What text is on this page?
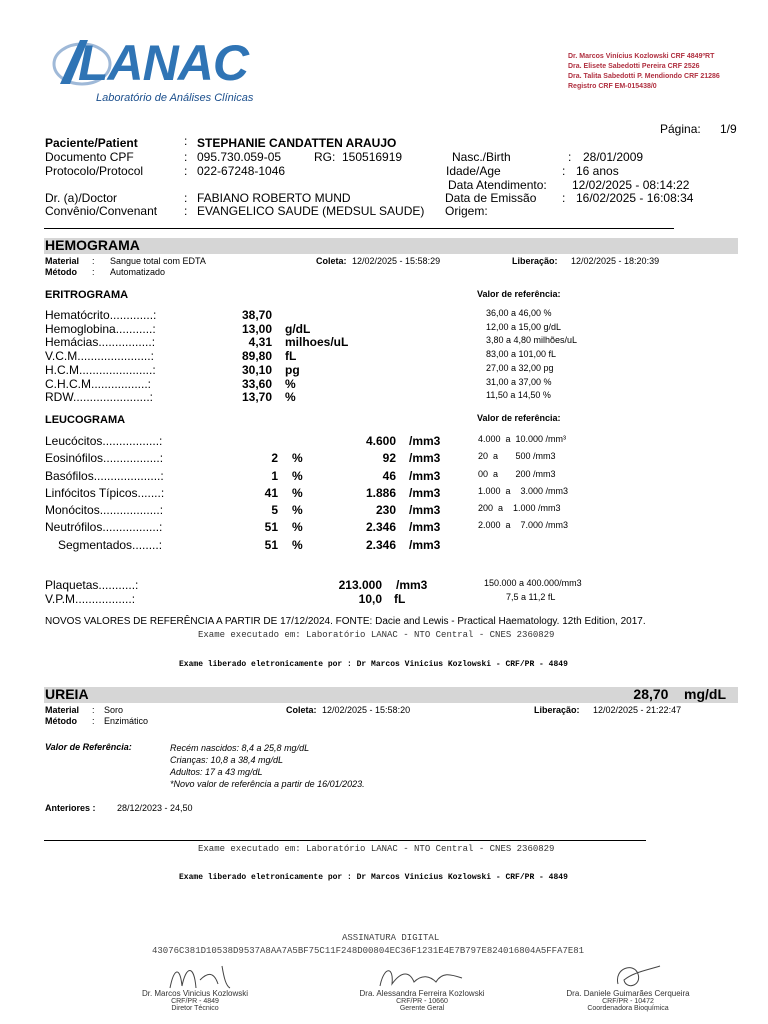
LANAC
Laboratório de Análises Clínicas
Dr. Marcos Vinícius Kozlowski CRF 4849ºRT
Dra. Elisete Sabedotti Pereira CRF 2526
Dra. Talita Sabedotti P. Mendiondo CRF 21286
Registro CRF EM-015438/0
Página: 1/9
Paciente/Patient	: STEPHANIE CANDATTEN ARAUJO
Documento CPF	: 095.730.059-05	RG: 150516919	Nasc./Birth	: 28/01/2009
Protocolo/Protocol	: 022-67248-1046	Idade/Age	: 16 anos
Data Atendimento: 12/02/2025 - 08:14:22
Dr. (a)/Doctor	: FABIANO ROBERTO MUND	Data de Emissão : 16/02/2025 - 16:08:34
Convênio/Convenant : EVANGELICO SAUDE (MEDSUL SAUDE) Origem:
HEMOGRAMA
Material : Sangue total com EDTA
Método : Automatizado
Coleta: 12/02/2025 - 15:58:29	Liberação: 12/02/2025 - 18:20:39
ERITROGRAMA	Valor de referência:
Hematócrito.............:	38,70	36,00 a 46,00 %
Hemoglobina...........:	13,00 g/dL	12,00 a 15,00 g/dL
Hemácias................:	4,31 milhoes/uL	3,80 a 4,80 milhões/uL
V.C.M......................:	89,80 fL	83,00 a 101,00 fL
H.C.M......................:	30,10 pg	27,00 a 32,00 pg
C.H.C.M.................:	33,60 %	31,00 a 37,00 %
RDW.......................:	13,70 %	11,50 a 14,50 %
LEUCOGRAMA	Valor de referência:
Leucócitos.................:	4.600 /mm3	4.000  a  10.000 /mm³
Eosinófilos.................:	2 %	92 /mm3	20  a       500 /mm3
Basófilos....................:	1 %	46 /mm3	00  a       200 /mm3
Linfócitos Típicos.......:	41 %	1.886 /mm3	1.000  a    3.000 /mm3
Monócitos..................:	5 %	230 /mm3	200  a    1.000 /mm3
Neutrófilos.................:	51 %	2.346 /mm3	2.000  a    7.000 /mm3
Segmentados........:	51 %	2.346 /mm3
Plaquetas...........:	213.000 /mm3	150.000 a 400.000/mm3
V.P.M.................:	10,0 fL	7,5 a 11,2 fL
NOVOS VALORES DE REFERÊNCIA A PARTIR DE 17/12/2024. FONTE: Dacie and Lewis - Practical Haematology. 12th Edition, 2017.
Exame executado em: Laboratório LANAC - NTO Central - CNES 2360829
Exame liberado eletronicamente por : Dr Marcos Vinicius Kozlowski - CRF/PR - 4849
UREIA	28,70    mg/dL
Material : Soro
Método : Enzimático
Coleta: 12/02/2025 - 15:58:20	Liberação: 12/02/2025 - 21:22:47
Valor de Referência:	Recém nascidos: 8,4 a 25,8 mg/dL
Crianças: 10,8 a 38,4 mg/dL
Adultos: 17 a 43 mg/dL
*Novo valor de referência a partir de 16/01/2023.
Anteriores : 28/12/2023 - 24,50
Exame executado em: Laboratório LANAC - NTO Central - CNES 2360829
Exame liberado eletronicamente por : Dr Marcos Vinicius Kozlowski - CRF/PR - 4849
ASSINATURA DIGITAL
43076C381D10538D9537A8AA7A5BF75C11F248D00804EC36F1231E4E7B797E824016804A5FFA7E81
Dr. Marcos Vinicius Kozlowski
CRF/PR - 4849
Diretor Técnico
Dra. Alessandra Ferreira Kozlowski
CRF/PR - 10660
Gerente Geral
Dra. Daniele Guimarães Cerqueira
CRF/PR - 10472
Coordenadora Bioquímica
